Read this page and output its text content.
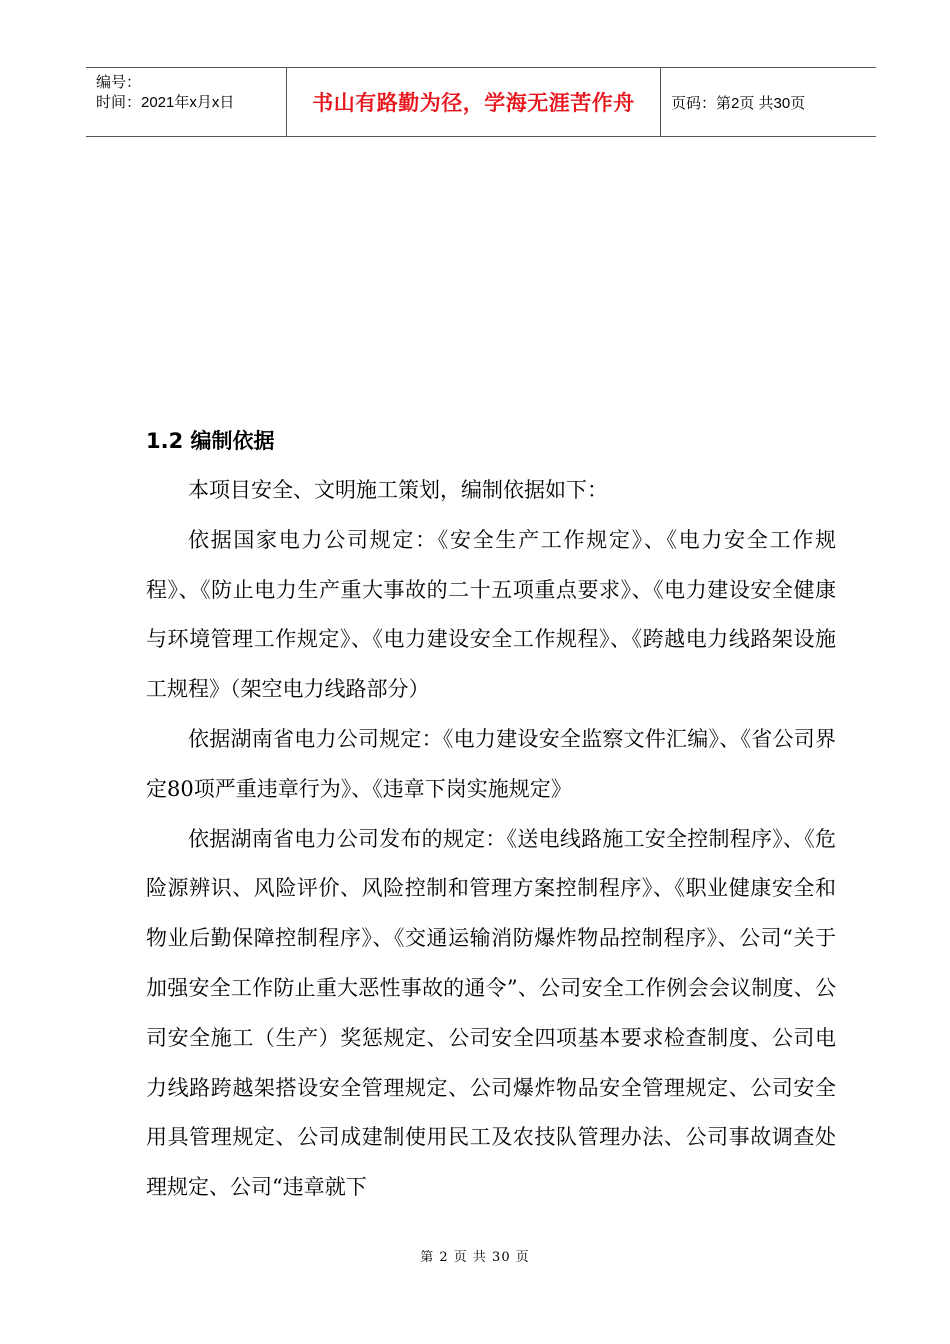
编号：
时间：2021年x月x日	书山有路勤为径，学海无涯苦作舟	页码：第2页 共30页
1.2 编制依据

本项目安全、文明施工策划，编制依据如下：

依据国家电力公司规定：《安全生产工作规定》、《电力安全工作规程》、《防止电力生产重大事故的二十五项重点要求》、《电力建设安全健康与环境管理工作规定》、《电力建设安全工作规程》、《跨越电力线路架设施工规程》（架空电力线路部分）

依据湖南省电力公司规定：《电力建设安全监察文件汇编》、《省公司界定80项严重违章行为》、《违章下岗实施规定》

依据湖南省电力公司发布的规定：《送电线路施工安全控制程序》、《危险源辨识、风险评价、风险控制和管理方案控制程序》、《职业健康安全和物业后勤保障控制程序》、《交通运输消防爆炸物品控制程序》、公司“关于加强安全工作防止重大恶性事故的通令”、公司安全工作例会会议制度、公司安全施工（生产）奖惩规定、公司安全四项基本要求检查制度、公司电力线路跨越架搭设安全管理规定、公司爆炸物品安全管理规定、公司安全用具管理规定、公司成建制使用民工及农技队管理办法、公司事故调查处理规定、公司“违章就下

第 2 页 共 30 页
